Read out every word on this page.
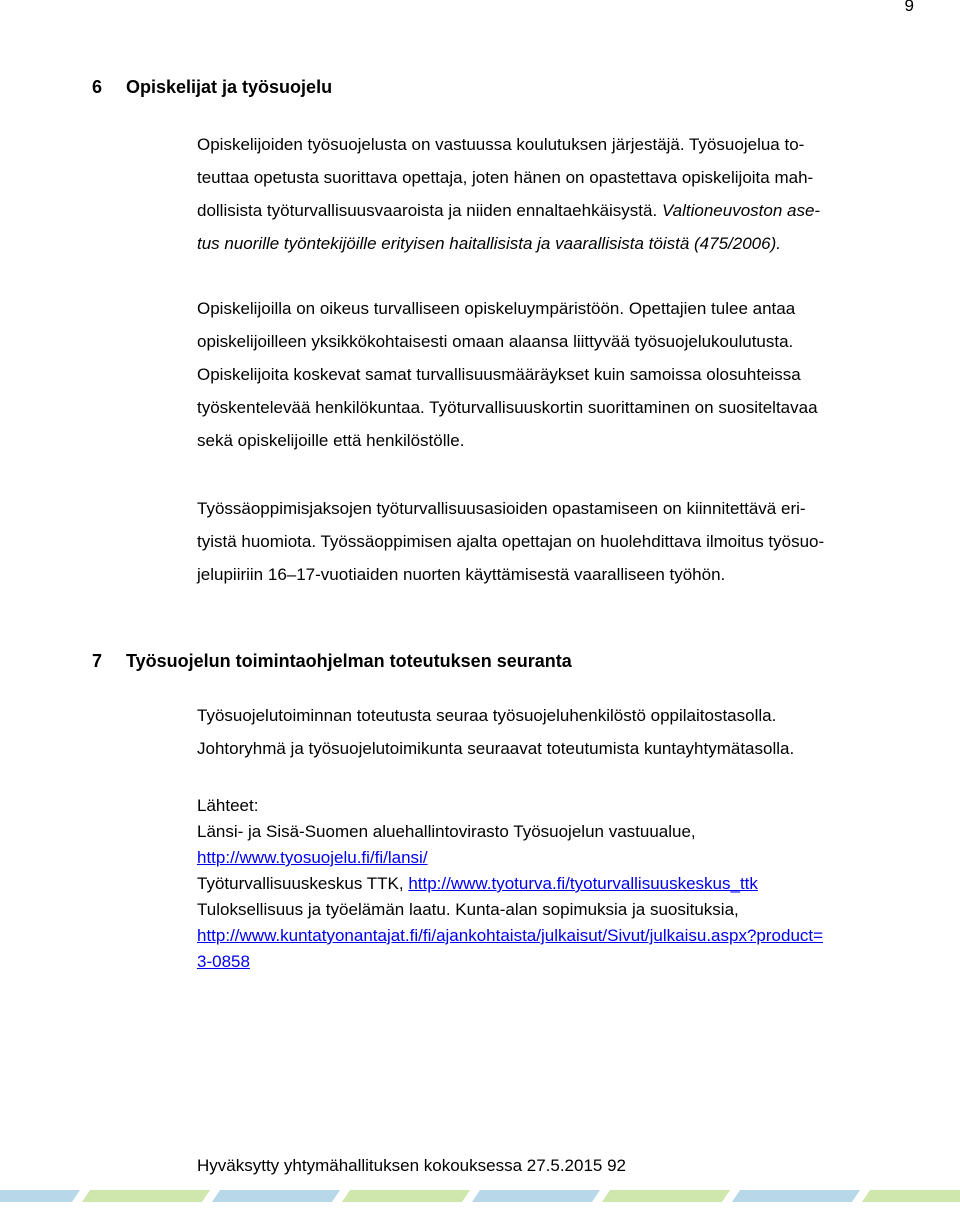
9
6 Opiskelijat ja työsuojelu
Opiskelijoiden työsuojelusta on vastuussa koulutuksen järjestäjä. Työsuojelua to-
teuttaa opetusta suorittava opettaja, joten hänen on opastettava opiskelijoita mah-
dollisista työturvallisuusvaaroista ja niiden ennaltaehkäisystä. Valtioneuvoston ase-
tus nuorille työntekijöille erityisen haitallisista ja vaarallisista töistä (475/2006).
Opiskelijoilla on oikeus turvalliseen opiskeluympäristöön. Opettajien tulee antaa
opiskelijoilleen yksikkökohtaisesti omaan alaansa liittyvää työsuojelukoulutusta.
Opiskelijoita koskevat samat turvallisuusmääräykset kuin samoissa olosuhteissa
työskentelevää henkilökuntaa. Työturvallisuuskortin suorittaminen on suositeltavaa
sekä opiskelijoille että henkilöstölle.
Työssäoppimisjaksojen työturvallisuusasioiden opastamiseen on kiinnitettävä eri-
tyistä huomiota. Työssäoppimisen ajalta opettajan on huolehdittava ilmoitus työsuo-
jelupiiriin 16–17-vuotiaiden nuorten käyttämisestä vaaralliseen työhön.
7 Työsuojelun toimintaohjelman toteutuksen seuranta
Työsuojelutoiminnan toteutusta seuraa työsuojeluhenkilöstö oppilaitostasolla.
Johtoryhmä ja työsuojelutoimikunta seuraavat toteutumista kuntayhtymätasolla.
Lähteet:
Länsi- ja Sisä-Suomen aluehallintovirasto Työsuojelun vastuualue,
http://www.tyosuojelu.fi/fi/lansi/
Työturvallisuuskeskus TTK, http://www.tyoturva.fi/tyoturvallisuuskeskus_ttk
Tuloksellisuus ja työelämän laatu. Kunta-alan sopimuksia ja suosituksia,
http://www.kuntatyonantajat.fi/fi/ajankohtaista/julkaisut/Sivut/julkaisu.aspx?product=
3-0858
Hyväksytty yhtymähallituksen kokouksessa 27.5.2015 92
